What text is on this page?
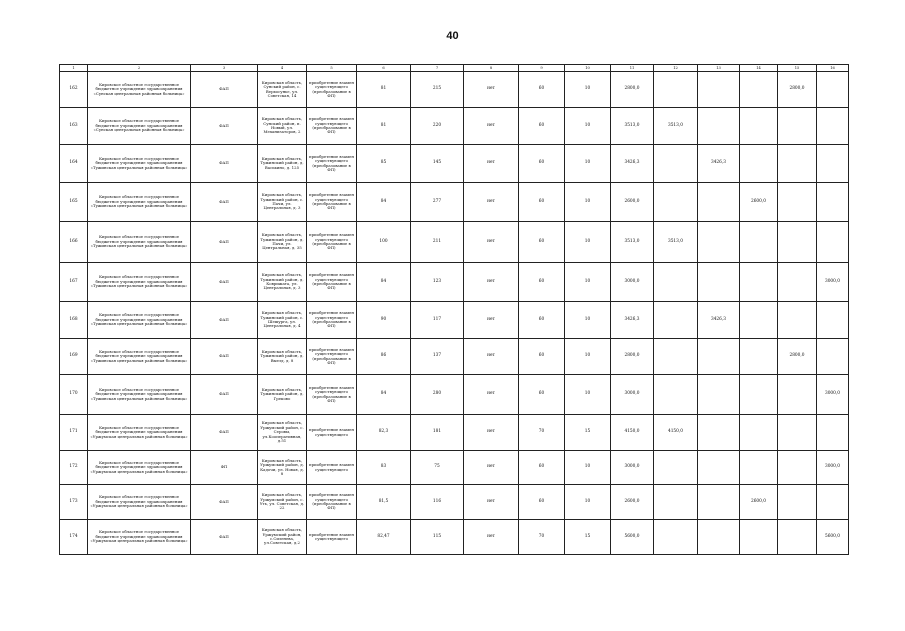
40
1	2	3	4	5	6	7	8	9	10	11	12	13	14	15	16
162	Кировское областное государственное бюджетное учреждение здравоохранения «Сунская центральная районная больница»	ФАП	Кировская область, Сунский район, с. Верхосунье, ул. Советская, 14	приобретение взамен существующего (преобразование в ФП)	81	215	нет	60	10	2800,0				2800,0	
163	Кировское областное государственное бюджетное учреждение здравоохранения «Сунская центральная районная больница»	ФАП	Кировская область, Сунский район, п. Новый, ул. Механизаторов, 2	приобретение взамен существующего (преобразование в ФП)	81	220	нет	60	10	3513,0	3513,0				
164	Кировское областное государственное бюджетное учреждение здравоохранения «Тужинская центральная районная больница»	ФАП	Кировская область, Тужинский район, д. Васькино, д. 125	приобретение взамен существующего (преобразование в ФП)	85	145	нет	60	10	3426,3		3426,3			
165	Кировское областное государственное бюджетное учреждение здравоохранения «Тужинская центральная районная больница»	ФАП	Кировская область, Тужинский район, с. Пачи, ул. Центральная, д. 3	приобретение взамен существующего (преобразование в ФП)	84	277	нет	60	10	2600,0			2600,0		
166	Кировское областное государственное бюджетное учреждение здравоохранения «Тужинская центральная районная больница»	ФАП	Кировская область, Тужинский район, д. Пачи, ул. Центральная, д. 35	приобретение взамен существующего (преобразование в ФП)	100	211	нет	60	10	3513,0	3513,0				
167	Кировское областное государственное бюджетное учреждение здравоохранения «Тужинская центральная районная больница»	ФАП	Кировская область, Тужинский район, д. Коврижата, ул. Центральная, д. 3	приобретение взамен существующего (преобразование в ФП)	84	123	нет	60	10	3000,0					3000,0
168	Кировское областное государственное бюджетное учреждение здравоохранения «Тужинская центральная районная больница»	ФАП	Кировская область, Тужинский район, с. Шешурга, ул. Центральная, д. 4	приобретение взамен существующего (преобразование в ФП)	90	117	нет	60	10	3426,3		3426,3			
169	Кировское областное государственное бюджетное учреждение здравоохранения «Тужинская центральная районная больница»	ФАП	Кировская область, Тужинский район, д. Выезд, д. 8	приобретение взамен существующего (преобразование в ФП)	86	137	нет	60	10	2800,0				2800,0	
170	Кировское областное государственное бюджетное учреждение здравоохранения «Тужинская центральная районная больница»	ФАП	Кировская область, Тужинский район, д. Греково	приобретение взамен существующего (преобразование в ФП)	84	280	нет	60	10	3000,0					3000,0
171	Кировское областное государственное бюджетное учреждение здравоохранения «Уржумская центральная районная больница»	ФАП	Кировская область, Уржумский район, с. Серовы, ул.Кооперативная, д.51	приобретение взамен существующего	82,3	181	нет	70	15	4150,0	4150,0				
172	Кировское областное государственное бюджетное учреждение здравоохранения «Уржумская центральная районная больница»	ФП	Кировская область, Уржумский район, д. Кадочи, ул. Новая, д. 8	приобретение взамен существующего	83	75	нет	60	10	3000,0					3000,0
173	Кировское областное государственное бюджетное учреждение здравоохранения «Уржумская центральная районная больница»	ФАП	Кировская область, Уржумский район, с. Уть, ул. Советская, д. 22	приобретение взамен существующего (преобразование в ФП)	81,5	116	нет	60	10	2600,0			2600,0		
174	Кировское областное государственное бюджетное учреждение здравоохранения «Уржумская центральная районная больница»	ФАП	Кировская область, Уржумский район, с.Сизенева, ул.Советская, д.2	приобретение взамен существующего	82,47	115	нет	70	15	5600,0					5600,0
